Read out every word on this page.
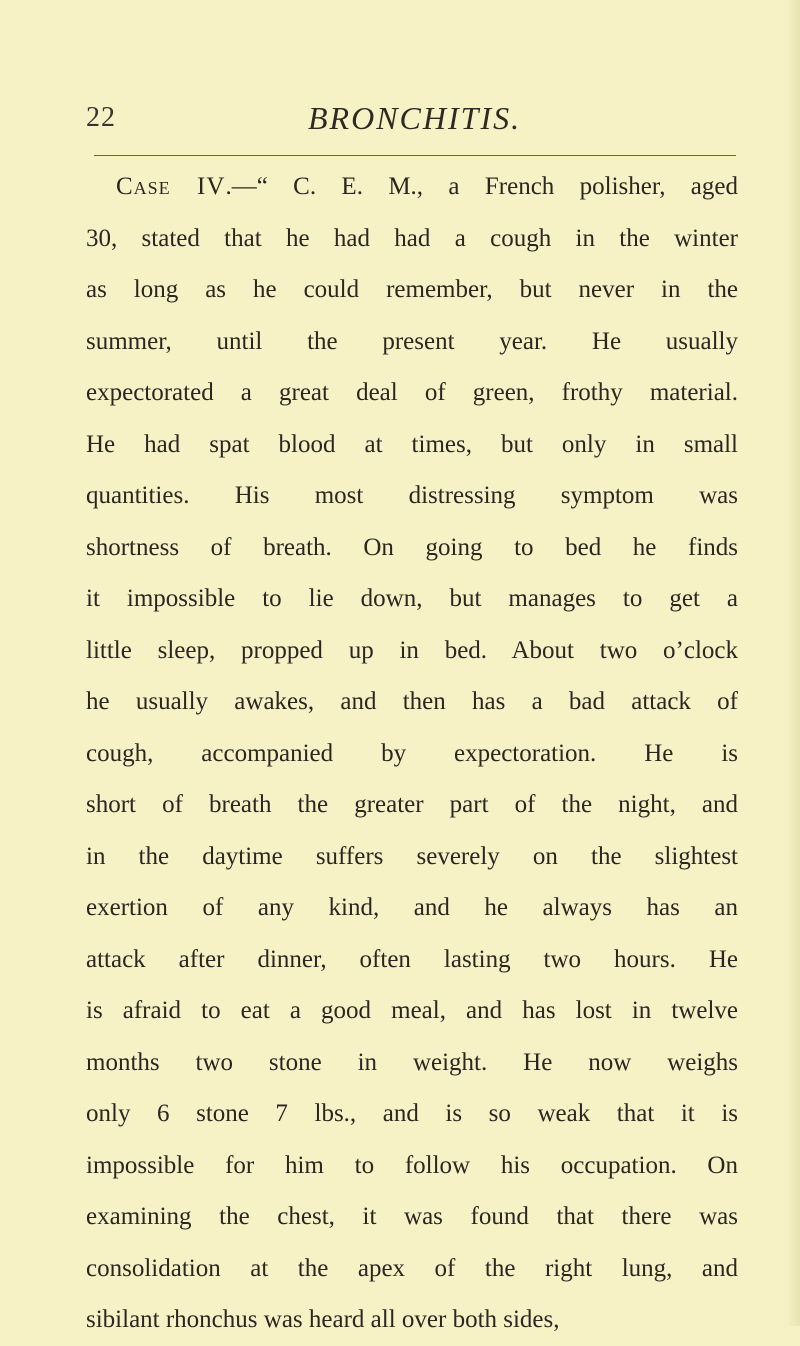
22	BRONCHITIS.
Case IV.—“ C. E. M., a French polisher, aged
30, stated that he had had a cough in the winter
as long as he could remember, but never in the
summer, until the present year. He usually
expectorated a great deal of green, frothy material.
He had spat blood at times, but only in small
quantities. His most distressing symptom was
shortness of breath. On going to bed he finds
it impossible to lie down, but manages to get a
little sleep, propped up in bed. About two o’clock
he usually awakes, and then has a bad attack of
cough, accompanied by expectoration. He is
short of breath the greater part of the night, and
in the daytime suffers severely on the slightest
exertion of any kind, and he always has an
attack after dinner, often lasting two hours. He
is afraid to eat a good meal, and has lost in twelve
months two stone in weight. He now weighs
only 6 stone 7 lbs., and is so weak that it is
impossible for him to follow his occupation. On
examining the chest, it was found that there was
consolidation at the apex of the right lung, and
sibilant rhonchus was heard all over both sides,
